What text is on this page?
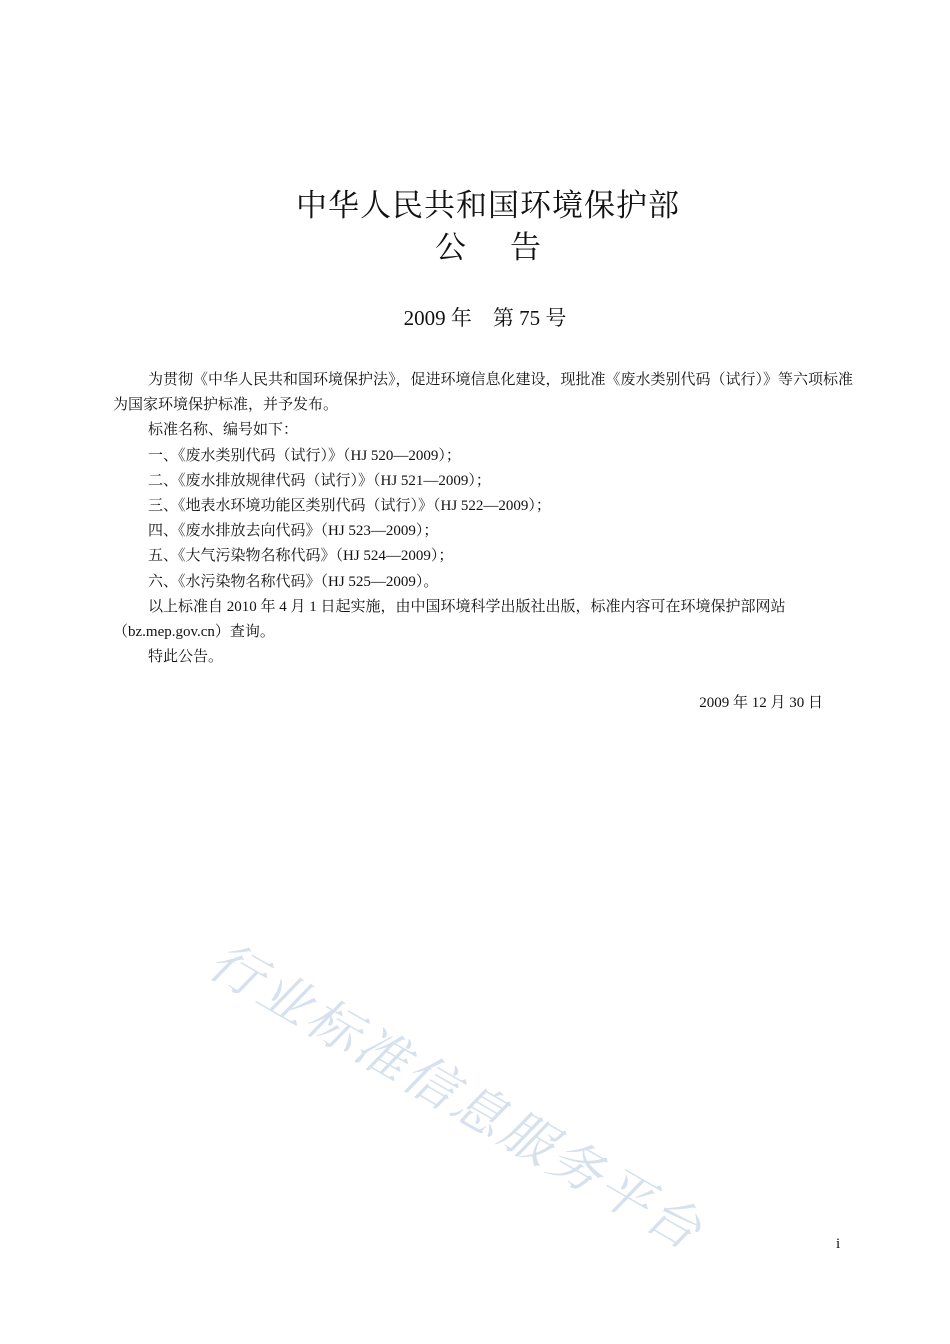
中华人民共和国环境保护部
公 告
2009 年　第 75 号

为贯彻《中华人民共和国环境保护法》，促进环境信息化建设，现批准《废水类别代码（试行）》等六项标准为国家环境保护标准，并予发布。

标准名称、编号如下：

一、《废水类别代码（试行）》（HJ 520—2009）；

二、《废水排放规律代码（试行）》（HJ 521—2009）；

三、《地表水环境功能区类别代码（试行）》（HJ 522—2009）；

四、《废水排放去向代码》（HJ 523—2009）；

五、《大气污染物名称代码》（HJ 524—2009）；

六、《水污染物名称代码》（HJ 525—2009）。

以上标准自 2010 年 4 月 1 日起实施，由中国环境科学出版社出版，标准内容可在环境保护部网站（bz.mep.gov.cn）查询。

特此公告。

2009 年 12 月 30 日
行业标准信息服务平台	i
